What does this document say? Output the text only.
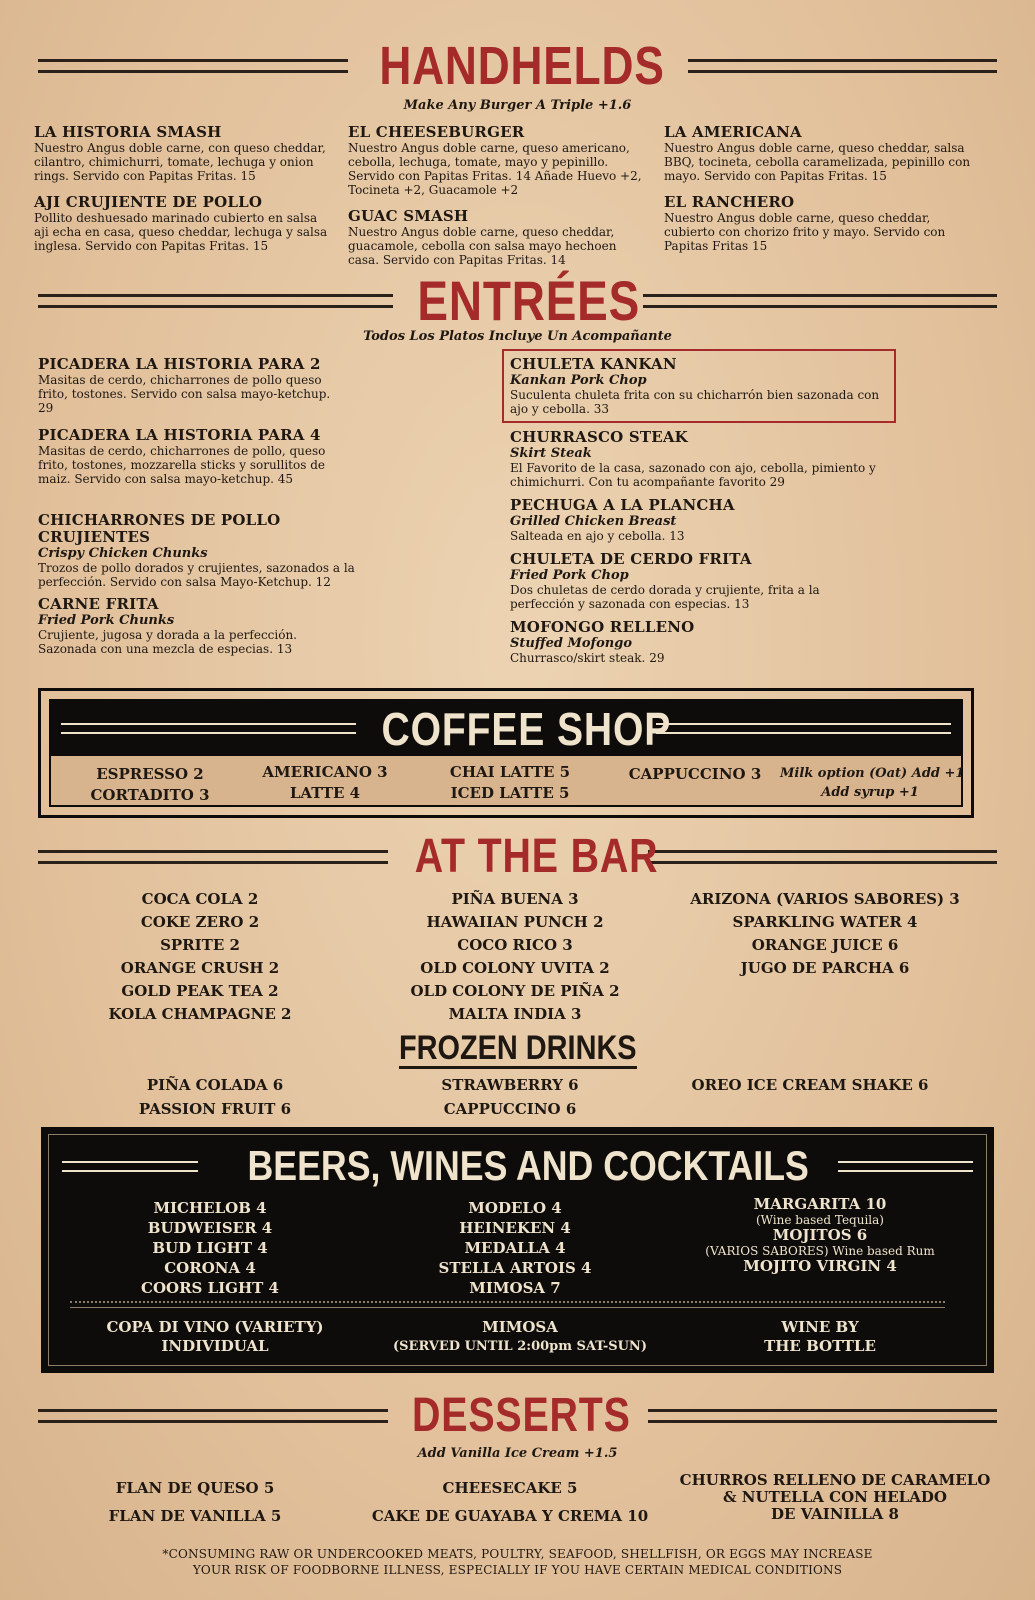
HANDHELDS
Make Any Burger A Triple +1.6
LA HISTORIA SMASH
Nuestro Angus doble carne, con queso cheddar, cilantro, chimichurri, tomate, lechuga y onion rings. Servido con Papitas Fritas. 15
AJI CRUJIENTE DE POLLO
Pollito deshuesado marinado cubierto en salsa aji echa en casa, queso cheddar, lechuga y salsa inglesa. Servido con Papitas Fritas. 15
EL CHEESEBURGER
Nuestro Angus doble carne, queso americano, cebolla, lechuga, tomate, mayo y pepinillo. Servido con Papitas Fritas. 14 Añade Huevo +2, Tocineta +2, Guacamole +2
GUAC SMASH
Nuestro Angus doble carne, queso cheddar, guacamole, cebolla con salsa mayo hechoen casa. Servido con Papitas Fritas. 14
LA AMERICANA
Nuestro Angus doble carne, queso cheddar, salsa BBQ, tocineta, cebolla caramelizada, pepinillo con mayo. Servido con Papitas Fritas. 15
EL RANCHERO
Nuestro Angus doble carne, queso cheddar, cubierto con chorizo frito y mayo. Servido con Papitas Fritas 15
ENTRÉES
Todos Los Platos Incluye Un Acompañante
PICADERA LA HISTORIA PARA 2
Masitas de cerdo, chicharrones de pollo queso frito, tostones. Servido con salsa mayo-ketchup. 29
PICADERA LA HISTORIA PARA 4
Masitas de cerdo, chicharrones de pollo, queso frito, tostones, mozzarella sticks y sorullitos de maiz. Servido con salsa mayo-ketchup. 45
CHICHARRONES DE POLLO CRUJIENTES
Crispy Chicken Chunks
Trozos de pollo dorados y crujientes, sazonados a la perfección. Servido con salsa Mayo-Ketchup. 12
CARNE FRITA
Fried Pork Chunks
Crujiente, jugosa y dorada a la perfección. Sazonada con una mezcla de especias. 13
CHULETA KANKAN
Kankan Pork Chop
Suculenta chuleta frita con su chicharrón bien sazonada con ajo y cebolla. 33
CHURRASCO STEAK
Skirt Steak
El Favorito de la casa, sazonado con ajo, cebolla, pimiento y chimichurri. Con tu acompañante favorito 29
PECHUGA A LA PLANCHA
Grilled Chicken Breast
Salteada en ajo y cebolla. 13
CHULETA DE CERDO FRITA
Fried Pork Chop
Dos chuletas de cerdo dorada y crujiente, frita a la perfección y sazonada con especias. 13
MOFONGO RELLENO
Stuffed Mofongo
Churrasco/skirt steak. 29
COFFEE SHOP
ESPRESSO 2
CORTADITO 3
AMERICANO 3
LATTE 4
CHAI LATTE 5
ICED LATTE 5
CAPPUCCINO 3	Milk option (Oat) Add +1
Add syrup +1
AT THE BAR
COCA COLA 2
COKE ZERO 2
SPRITE 2
ORANGE CRUSH 2
GOLD PEAK TEA 2
KOLA CHAMPAGNE 2
PIÑA BUENA 3
HAWAIIAN PUNCH 2
COCO RICO 3
OLD COLONY UVITA 2
OLD COLONY DE PIÑA 2
MALTA INDIA 3
ARIZONA (VARIOS SABORES) 3
SPARKLING WATER 4
ORANGE JUICE 6
JUGO DE PARCHA 6
FROZEN DRINKS
PIÑA COLADA 6
PASSION FRUIT 6
STRAWBERRY 6
CAPPUCCINO 6
OREO ICE CREAM SHAKE 6
BEERS, WINES AND COCKTAILS
MICHELOB 4
BUDWEISER 4
BUD LIGHT 4
CORONA 4
COORS LIGHT 4
MODELO 4
HEINEKEN 4
MEDALLA 4
STELLA ARTOIS 4
MIMOSA 7
MARGARITA 10
(Wine based Tequila)
MOJITOS 6
(VARIOS SABORES) Wine based Rum
MOJITO VIRGIN 4
COPA DI VINO (VARIETY)
INDIVIDUAL
MIMOSA
(SERVED UNTIL 2:00pm SAT-SUN)
WINE BY
THE BOTTLE
DESSERTS
Add Vanilla Ice Cream +1.5
FLAN DE QUESO 5
FLAN DE VANILLA 5
CHEESECAKE 5
CAKE DE GUAYABA Y CREMA 10
CHURROS RELLENO DE CARAMELO
& NUTELLA CON HELADO
DE VAINILLA 8
*CONSUMING RAW OR UNDERCOOKED MEATS, POULTRY, SEAFOOD, SHELLFISH, OR EGGS MAY INCREASE
YOUR RISK OF FOODBORNE ILLNESS, ESPECIALLY IF YOU HAVE CERTAIN MEDICAL CONDITIONS
